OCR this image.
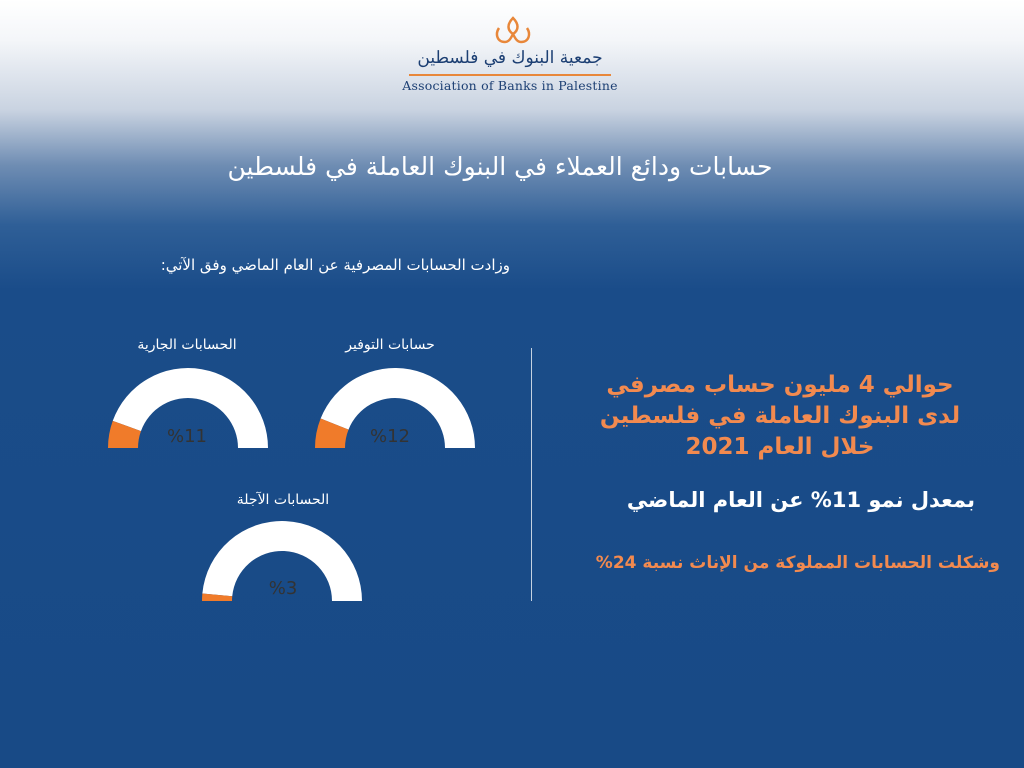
جمعية البنوك في فلسطين
Association of Banks in Palestine
حسابات ودائع العملاء في البنوك العاملة في فلسطين
وزادت الحسابات المصرفية عن العام الماضي وفق الآتي:
حسابات التوفير
%12
الحسابات الجارية
%11
الحسابات الآجلة
%3
حوالي 4 مليون حساب مصرفي
لدى البنوك العاملة في فلسطين
خلال العام 2021
بمعدل نمو 11% عن العام الماضي
وشكلت الحسابات المملوكة من الإناث نسبة 24%
